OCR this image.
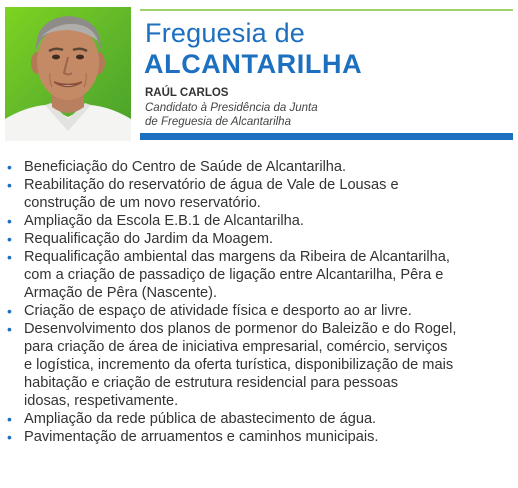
Freguesia de
ALCANTARILHA
RAÚL CARLOS
Candidato à Presidência da Junta
de Freguesia de Alcantarilha
• Beneficiação do Centro de Saúde de Alcantarilha.
• Reabilitação do reservatório de água de Vale de Lousas e
construção de um novo reservatório.
• Ampliação da Escola E.B.1 de Alcantarilha.
• Requalificação do Jardim da Moagem.
• Requalificação ambiental das margens da Ribeira de Alcantarilha,
com a criação de passadiço de ligação entre Alcantarilha, Pêra e
Armação de Pêra (Nascente).
• Criação de espaço de atividade física e desporto ao ar livre.
• Desenvolvimento dos planos de pormenor do Baleizão e do Rogel,
para criação de área de iniciativa empresarial, comércio, serviços
e logística, incremento da oferta turística, disponibilização de mais
habitação e criação de estrutura residencial para pessoas
idosas, respetivamente.
• Ampliação da rede pública de abastecimento de água.
• Pavimentação de arruamentos e caminhos municipais.
